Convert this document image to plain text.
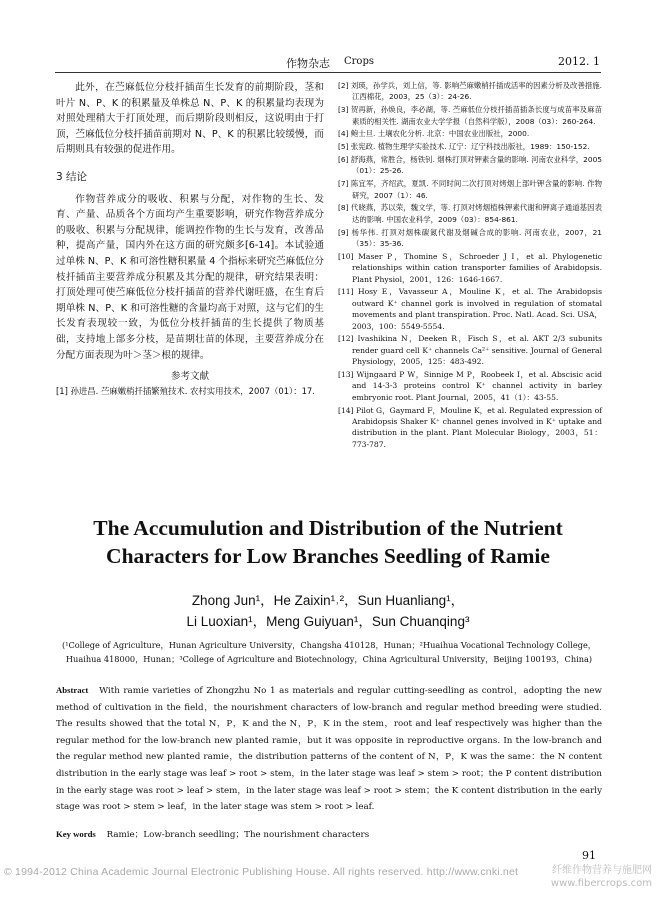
作物杂志 Crops	2012. 1

此外，在苎麻低位分枝扦插苗生长发育的前期阶段，茎和叶片 N、P、K 的积累量及单株总 N、P、K 的积累量均表现为对照处理稍大于打顶处理，而后期阶段则相反，这说明由于打顶，苎麻低位分枝扦插苗前期对 N、P、K 的积累比较缓慢，而后期则具有较强的促进作用。

3 结论

作物营养成分的吸收、积累与分配，对作物的生长、发育、产量、品质各个方面均产生重要影响，研究作物营养成分的吸收、积累与分配规律，能调控作物的生长与发育，改善品种，提高产量，国内外在这方面的研究颇多[6-14]。本试验通过单株 N、P、K 和可溶性糖积累量 4 个指标来研究苎麻低位分枝扦插苗主要营养成分积累及其分配的规律，研究结果表明：打顶处理可使苎麻低位分枝扦插苗的营养代谢旺盛，在生育后期单株 N、P、K 和可溶性糖的含量均高于对照，这与它们的生长发育表现较一致，为低位分枝扦插苗的生长提供了物质基础，支持地上部多分枝，是苗期壮苗的体现，主要营养成分在分配方面表现为叶＞茎＞根的规律。

参考文献

[1] 孙进昌. 苎麻嫩梢扦插繁殖技术. 农村实用技术，2007（01）：17.

[2] 刘瑛，孙学兵，刘上信，等. 影响苎麻嫩梢扦插成活率的因素分析及改善措施. 江西棉花，2003，25（3）：24-26.

[3] 贺再新，孙焕良，李必湖，等. 苎麻低位分枝扦插苗插条长度与成苗率及麻苗素质的相关性. 湖南农业大学学报（自然科学版），2008（03）：260-264.

[4] 鲍士旦. 土壤农化分析. 北京：中国农业出版社，2000.

[5] 张宪政. 植物生理学实验技术. 辽宁：辽宁科技出版社，1989：150-152.

[6] 舒海燕，常胜合，杨铁钊. 烟株打顶对钾素含量的影响. 河南农业科学，2005（01）：25-26.

[7] 陈宜军，齐绍武，夏凯. 不同时间二次打顶对烤烟上部叶钾含量的影响. 作物研究，2007（1）：46.

[8] 代晓燕，苏以荣，魏文学，等. 打顶对烤烟植株钾素代谢和钾离子通道基因表达的影响. 中国农业科学，2009（03）：854-861.

[9] 杨华伟. 打顶对烟株碳氮代谢及烟碱合成的影响. 河南农业，2007，21（35）：35-36.

[10] Maser P，Thomine S，Schroeder J I，et al. Phylogenetic relationships within cation transporter families of Arabidopsis. Plant Physiol，2001，126：1646-1667.

[11] Hosy E，Vavasseur A，Mouline K，et al. The Arabidopsis outward K⁺ channel gork is involved in regulation of stomatal movements and plant transpiration. Proc. Natl. Acad. Sci. USA，2003，100：5549-5554.

[12] Ivashikina N，Deeken R，Fisch S，et al. AKT 2/3 subunits render guard cell K⁺ channels Ca²⁺ sensitive. Journal of General Physiology，2005，125：483-492.

[13] Wijngaard P W，Sinnige M P，Roobeek I，et al. Abscisic acid and 14-3-3 proteins control K⁺ channel activity in barley embryonic root. Plant Journal，2005，41（1）：43-55.

[14] Pilot G，Gaymard F，Mouline K，et al. Regulated expression of Arabidopsis Shaker K⁺ channel genes involved in K⁺ uptake and distribution in the plant. Plant Molecular Biology，2003，51：773-787.

The Accumulution and Distribution of the Nutrient
Characters for Low Branches Seedling of Ramie
Zhong Jun¹，He Zaixin¹˒²，Sun Huanliang¹，
Li Luoxian¹，Meng Guiyuan¹，Sun Chuanqing³
(¹College of Agriculture，Hunan Agriculture University，Changsha 410128，Hunan；²Huaihua Vocational Technology College，
Huaihua 418000，Hunan；³College of Agriculture and Biotechnology，China Agricultural University，Beijing 100193，China)
Abstract With ramie varieties of Zhongzhu No 1 as materials and regular cutting-seedling as control，adopting the new method of cultivation in the field，the nourishment characters of low-branch and regular method breeding were studied. The results showed that the total N，P，K and the N，P，K in the stem，root and leaf respectively was higher than the regular method for the low-branch new planted ramie，but it was opposite in reproductive organs. In the low-branch and the regular method new planted ramie，the distribution patterns of the content of N，P，K was the same：the N content distribution in the early stage was leaf > root > stem，in the later stage was leaf > stem > root；the P content distribution in the early stage was root > leaf > stem，in the later stage was leaf > root > stem；the K content distribution in the early stage was root > stem > leaf，in the later stage was stem > root > leaf.
Key words Ramie；Low-branch seedling；The nourishment characters
91
© 1994-2012 China Academic Journal Electronic Publishing House. All rights reserved. http://www.cnki.net	纤维作物营养与施肥网
www.fibercrops.com
